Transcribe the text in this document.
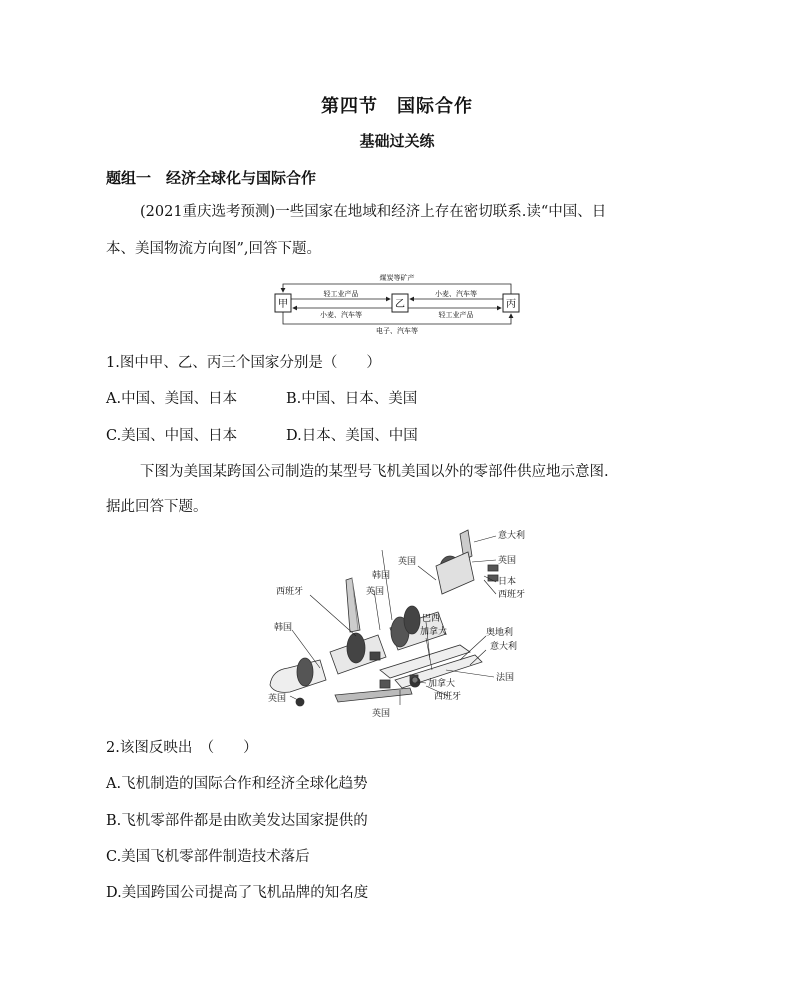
第四节　国际合作
基础过关练
题组一　经济全球化与国际合作
(2021重庆选考预测)一些国家在地域和经济上存在密切联系.读“中国、日
本、美国物流方向图”,回答下题。
甲	乙	丙
煤炭等矿产
轻工业产品
小麦、汽车等
小麦、汽车等
轻工业产品
电子、汽车等
1.图中甲、乙、丙三个国家分别是（　　）
A.中国、美国、日本	B.中国、日本、美国
C.美国、中国、日本	D.日本、美国、中国
下图为美国某跨国公司制造的某型号飞机美国以外的零部件供应地示意图.
据此回答下题。
意大利
英国
日本
西班牙
英国
韩国
英国
西班牙
韩国
巴西
加拿大	奥地利
意大利
法国
加拿大
西班牙
英国
英国
2.该图反映出　（　　）
A.飞机制造的国际合作和经济全球化趋势
B.飞机零部件都是由欧美发达国家提供的
C.美国飞机零部件制造技术落后
D.美国跨国公司提高了飞机品牌的知名度
